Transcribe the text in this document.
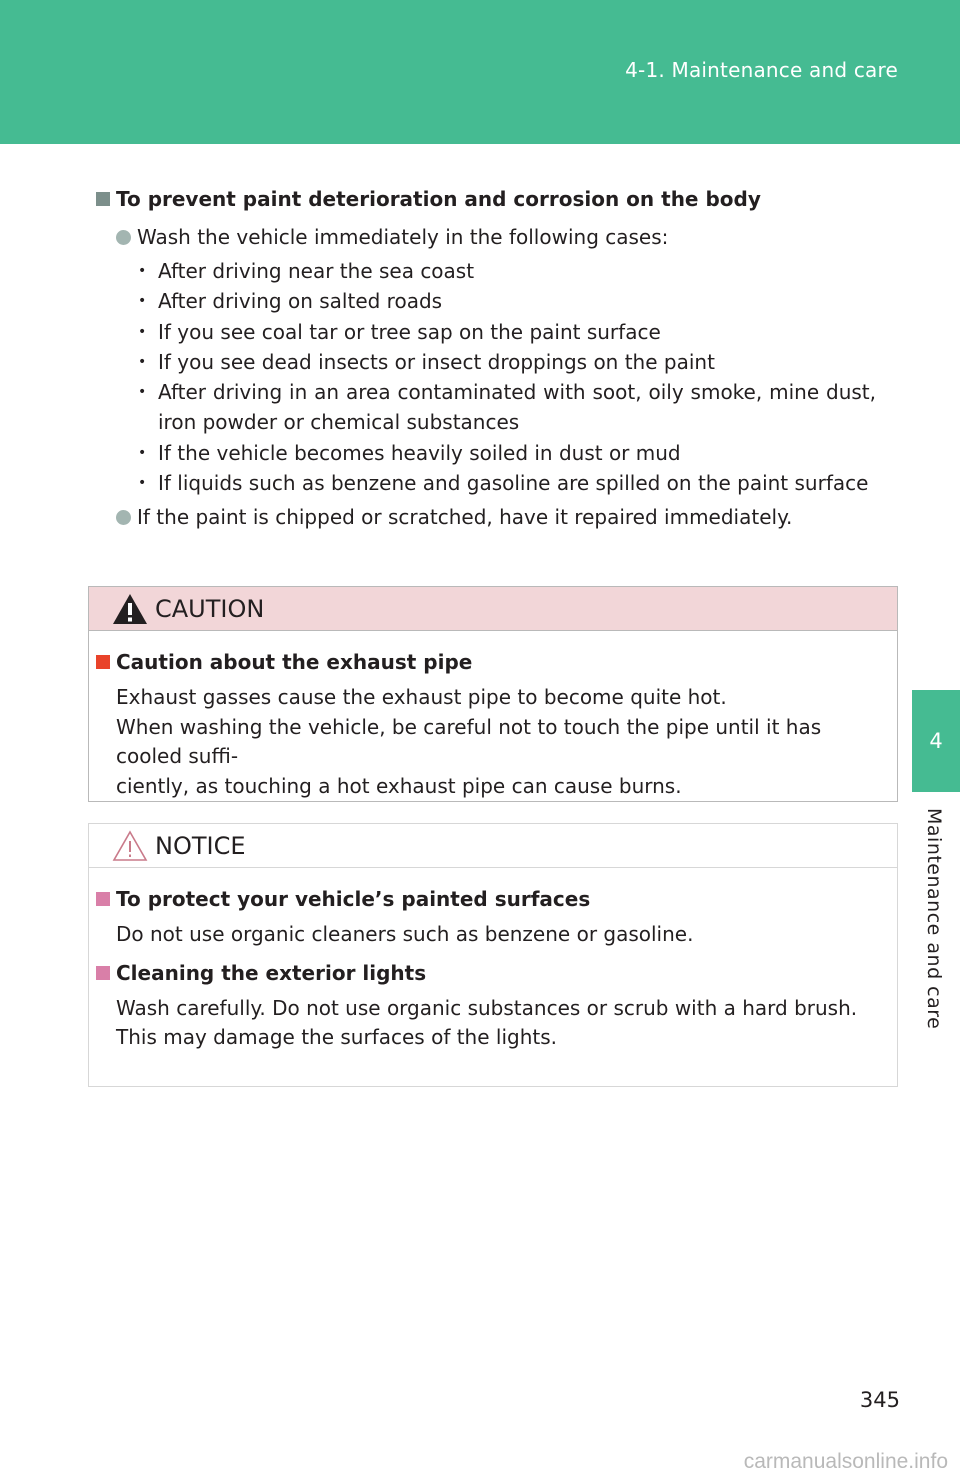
4-1. Maintenance and care
4
Maintenance and care
To prevent paint deterioration and corrosion on the body
Wash the vehicle immediately in the following cases:
• After driving near the sea coast
• After driving on salted roads
• If you see coal tar or tree sap on the paint surface
• If you see dead insects or insect droppings on the paint
• After driving in an area contaminated with soot, oily smoke, mine dust, iron powder or chemical substances
• If the vehicle becomes heavily soiled in dust or mud
• If liquids such as benzene and gasoline are spilled on the paint surface
If the paint is chipped or scratched, have it repaired immediately.
CAUTION
Caution about the exhaust pipe
Exhaust gasses cause the exhaust pipe to become quite hot.
When washing the vehicle, be careful not to touch the pipe until it has cooled suffi-
ciently, as touching a hot exhaust pipe can cause burns.
NOTICE
To protect your vehicle’s painted surfaces
Do not use organic cleaners such as benzene or gasoline.
Cleaning the exterior lights
Wash carefully. Do not use organic substances or scrub with a hard brush.
This may damage the surfaces of the lights.
345
carmanualsonline.info
